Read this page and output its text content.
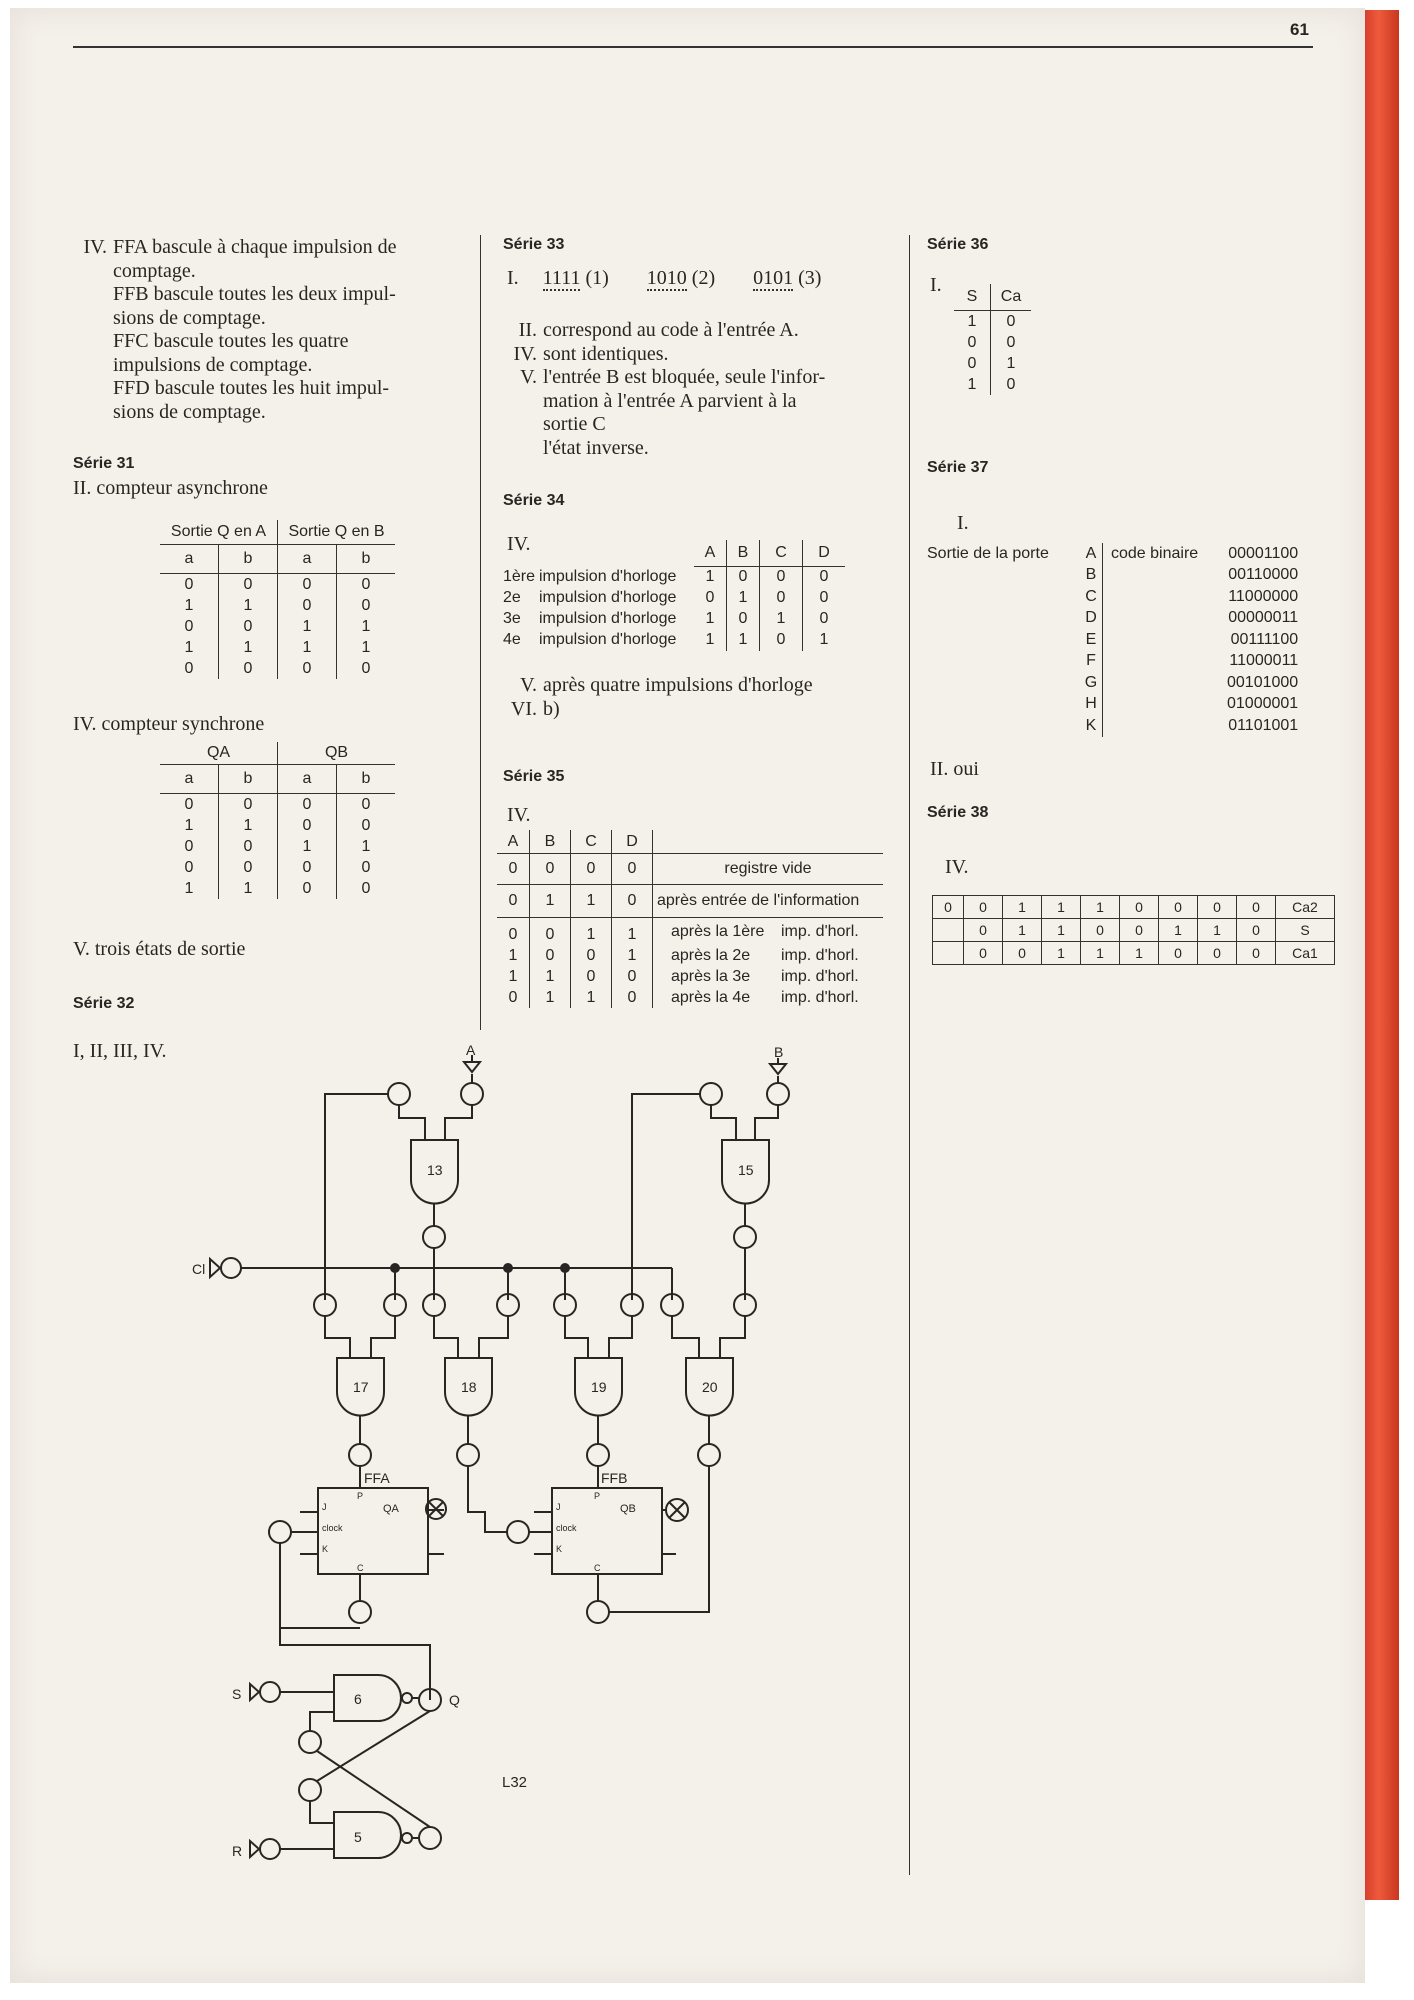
61
IV. FFA bascule à chaque impulsion de
comptage.
FFB bascule toutes les deux impul-
sions de comptage.
FFC bascule toutes les quatre
impulsions de comptage.
FFD bascule toutes les huit impul-
sions de comptage.
Série 31
II. compteur asynchrone
Sortie Q en A		Sortie Q en B	
a	b	a	b
0	0	0	0
1	1	0	0
0	0	1	1
1	1	1	1
0	0	0	0
IV. compteur synchrone
QA		QB	
a	b	a	b
0	0	0	0
1	1	0	0
0	0	1	1
0	0	0	0
1	1	0	0
V. trois états de sortie
Série 32
I, II, III, IV.
Série 33
I. 1111 (1) 1010 (2) 0101 (3)
II. correspond au code à l'entrée A.
IV. sont identiques.
V. l'entrée B est bloquée, seule l'infor-
mation à l'entrée A parvient à la
sortie C
l'état inverse.
Série 34
IV.
			A	B	C	D
1ère	impulsion d'horloge	1	0	0	0
2e	impulsion d'horloge	0	1	0	0
3e	impulsion d'horloge	1	0	1	0
4e	impulsion d'horloge	1	1	0	1
V. après quatre impulsions d'horloge
VI. b)
Série 35
IV.
A	B	C	D	
0	0	0	0	registre vide
0	1	1	0	après entrée de l'information
0	0	1	1	après la 1ère imp. d'horl.
1	0	0	1	après la 2e imp. d'horl.
1	1	0	0	après la 3e imp. d'horl.
0	1	1	0	après la 4e imp. d'horl.
Série 36
I.
S	Ca
1	0
0	0
0	1
1	0
Série 37
I.
Sortie de la porte A	code binaire	00001100
B		00110000
C		11000000
D		00000011
E		00111100
F		11000011
G		00101000
H		01000001
K		01101001
II. oui
Série 38
IV.
0	0	1	1	1	0	0	0	0	Ca2
	0	1	1	0	0	1	1	0	S
	0	0	1	1	1	0	0	0	Ca1
A	B
13	15
Cl
17	18	19	20
FFA
J
clock
K
P
C
QA
FFB
J
clock
K
P
C
QB
S	6	Q
R
5
L32
